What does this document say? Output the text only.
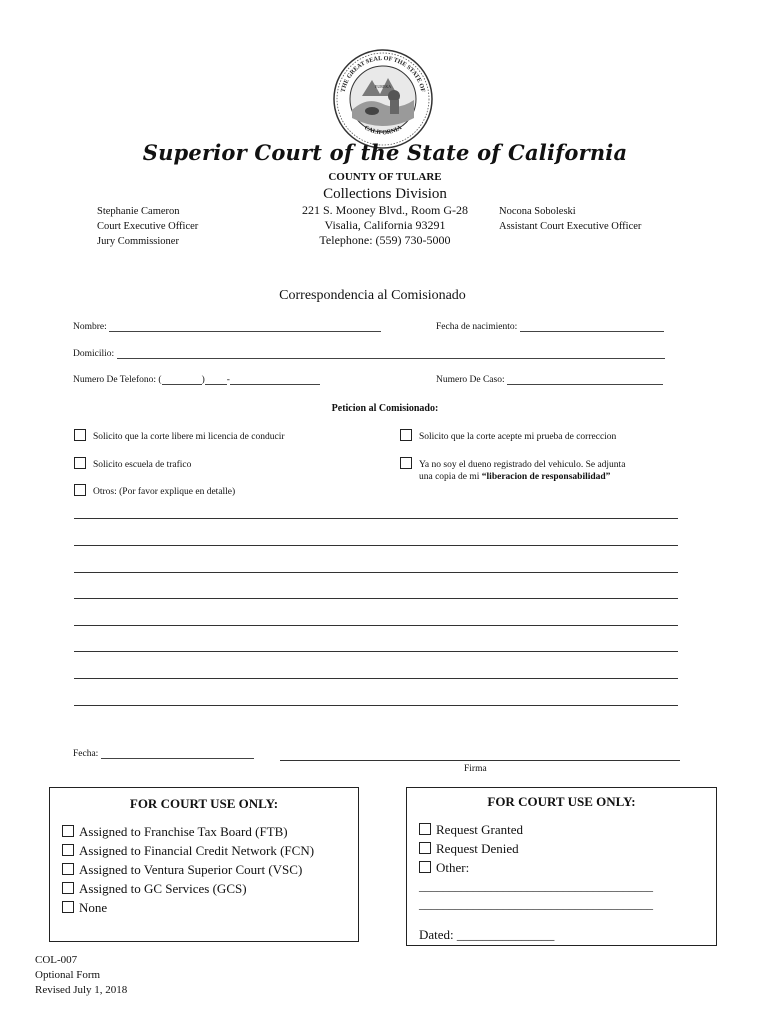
EUREKA
THE GREAT SEAL OF THE STATE OF
CALIFORNIA
Superior Court of the State of California
COUNTY OF TULARE
Collections Division
221 S. Mooney Blvd., Room G-28
Visalia, California 93291
Telephone: (559) 730-5000
Stephanie Cameron
Court Executive Officer
Jury Commissioner
Nocona Soboleski
Assistant Court Executive Officer
Correspondencia al Comisionado
Nombre:	Fecha de nacimiento:
Domicilio:
Numero De Telefono: (	) -	Numero De Caso:
Peticion al Comisionado:
Solicito que la corte libere mi licencia de conducir	Solicito que la corte acepte mi prueba de correccion
Solicito escuela de trafico	Ya no soy el dueno registrado del vehiculo. Se adjunta
una copia de mi “liberacion de responsabilidad”
Otros: (Por favor explique en detalle)
Fecha:
Firma
FOR COURT USE ONLY:
Assigned to Franchise Tax Board (FTB)
Assigned to Financial Credit Network (FCN)
Assigned to Ventura Superior Court (VSC)
Assigned to GC Services (GCS)
None
FOR COURT USE ONLY:
Request Granted
Request Denied
Other:
_______________________________________
_______________________________________
Dated: _______________
COL-007
Optional Form
Revised July 1, 2018
